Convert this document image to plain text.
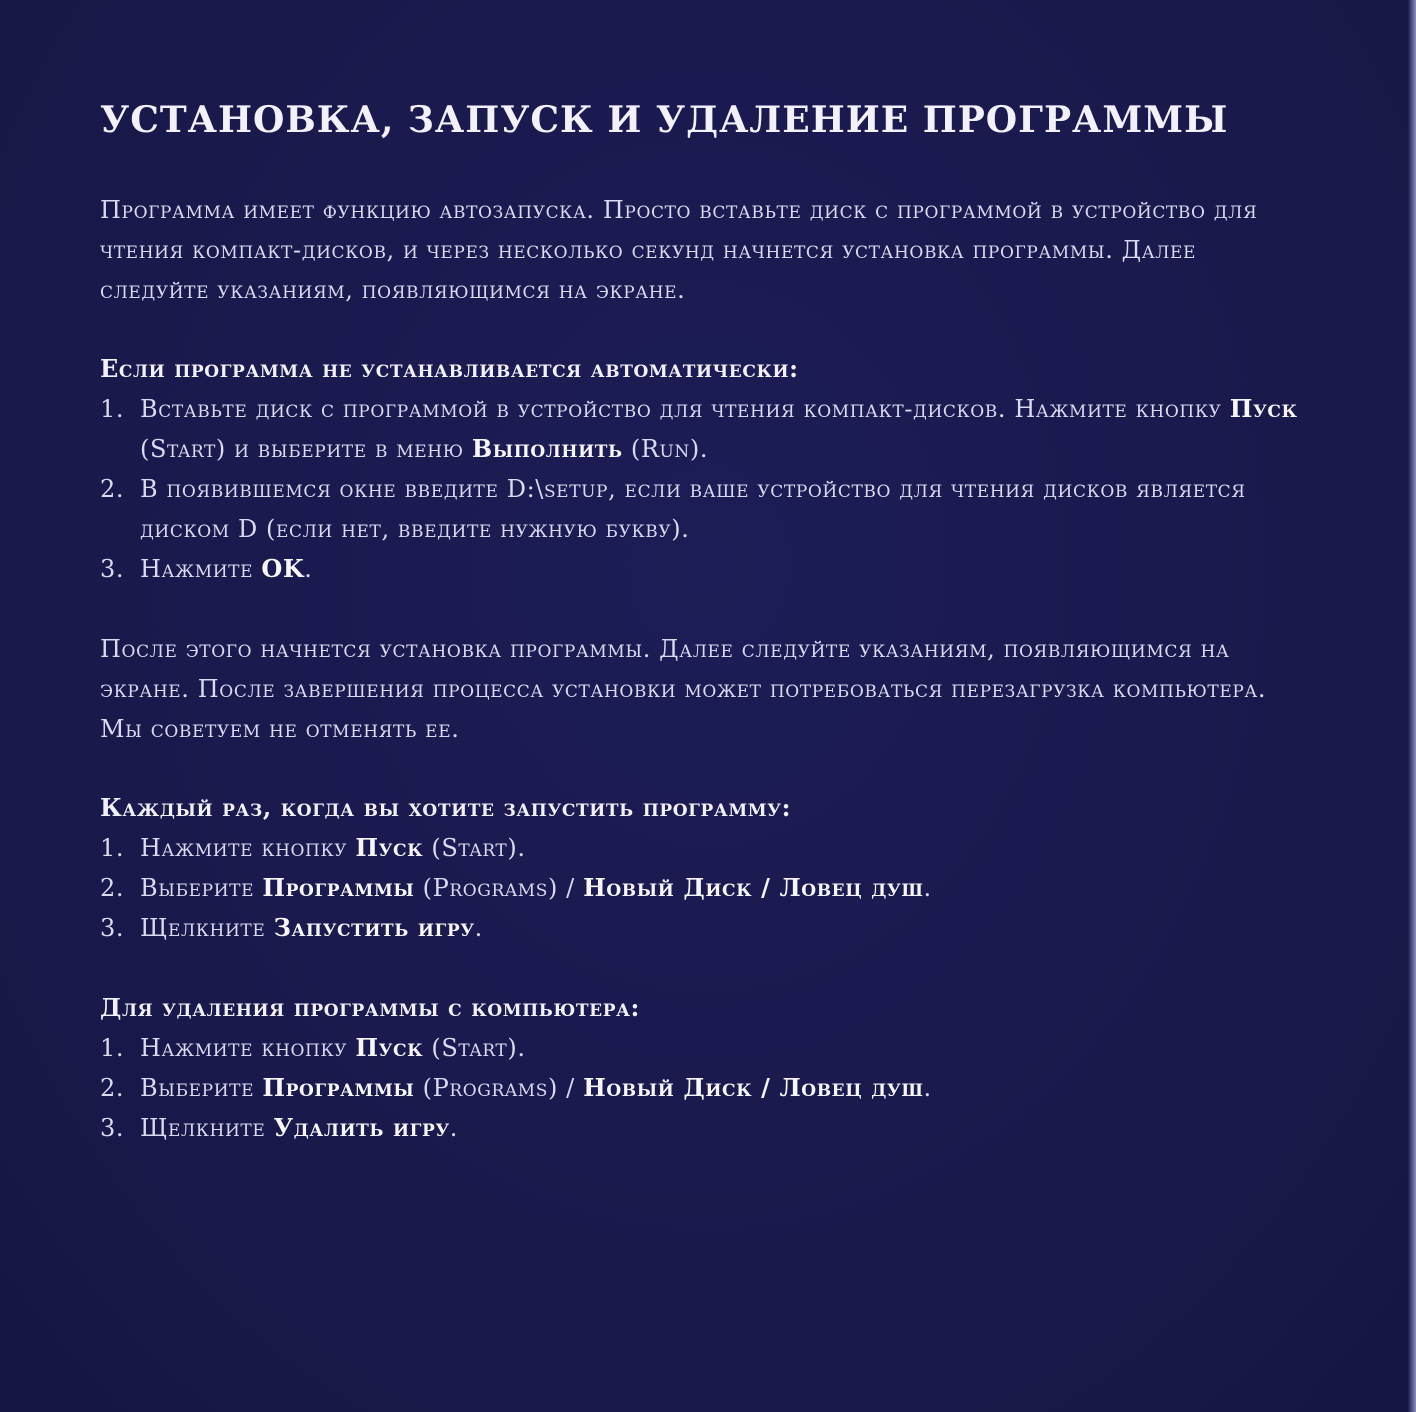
УСТАНОВКА, ЗАПУСК И УДАЛЕНИЕ ПРОГРАММЫ

Программа имеет функцию автозапуска. Просто вставьте диск с программой в устройство для чтения компакт-дисков, и через несколько секунд начнется установка программы. Далее следуйте указаниям, появляющимся на экране.

Если программа не устанавливается автоматически:
1. Вставьте диск с программой в устройство для чтения компакт-дисков. Нажмите кнопку Пуск (Start) и выберите в меню Выполнить (Run).
2. В появившемся окне введите D:\setup, если ваше устройство для чтения дисков является диском D (если нет, введите нужную букву).
3. Нажмите OK.

После этого начнется установка программы. Далее следуйте указаниям, появляющимся на экране. После завершения процесса установки может потребоваться перезагрузка компьютера. Мы советуем не отменять ее.

Каждый раз, когда вы хотите запустить программу:
1. Нажмите кнопку Пуск (Start).
2. Выберите Программы (Programs) / Новый Диск / Ловец душ.
3. Щелкните Запустить игру.
Для удаления программы с компьютера:
1. Нажмите кнопку Пуск (Start).
2. Выберите Программы (Programs) / Новый Диск / Ловец душ.
3. Щелкните Удалить игру.
